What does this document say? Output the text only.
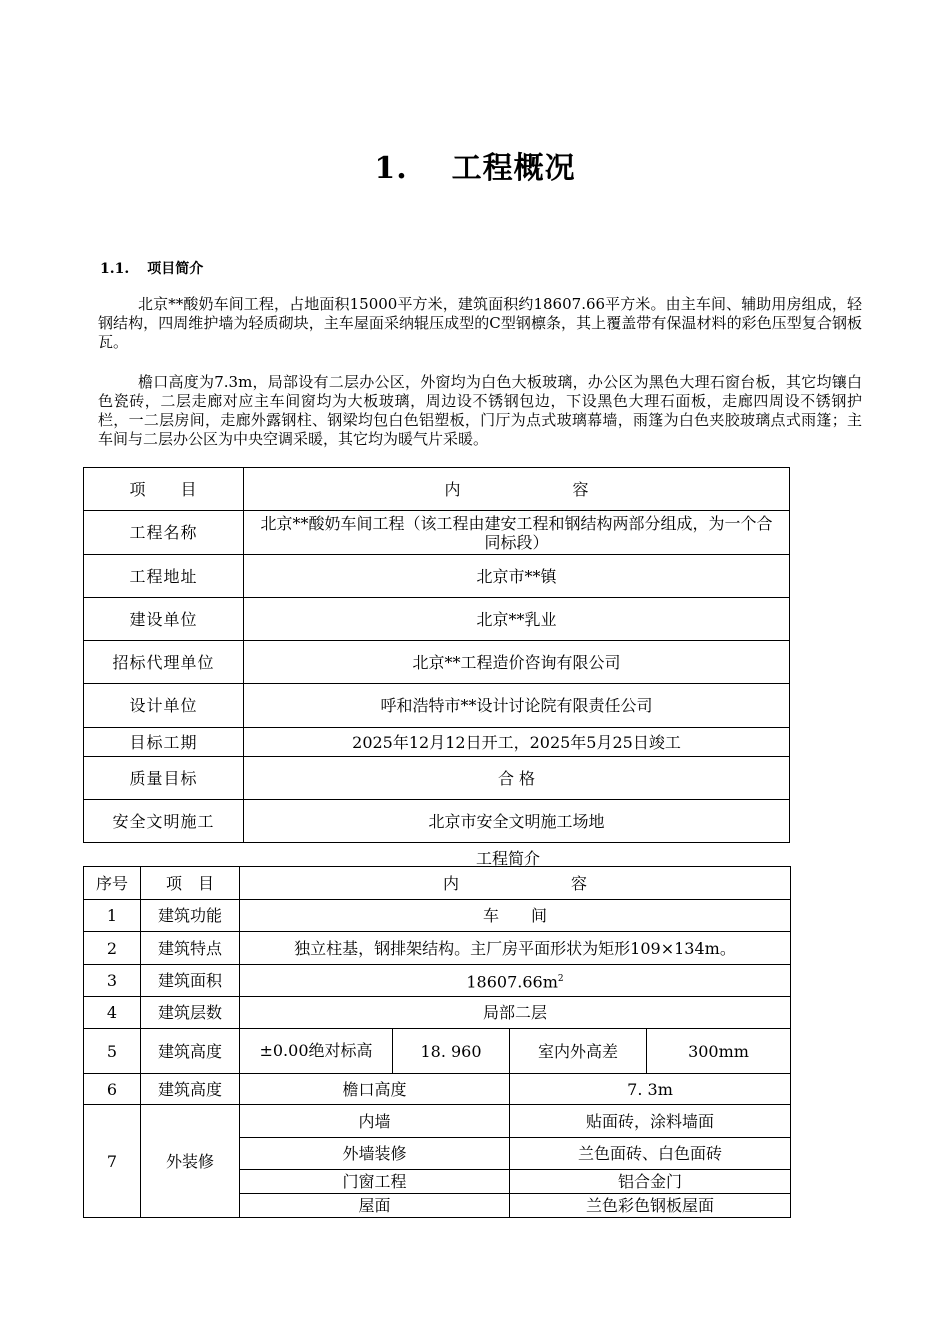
1. 工程概况
1.1. 项目简介

北京**酸奶车间工程，占地面积15000平方米，建筑面积约18607.66平方米。由主车间、辅助用房组成，轻钢结构，四周维护墙为轻质砌块，主车屋面采纳辊压成型的C型钢檩条，其上覆盖带有保温材料的彩色压型复合钢板瓦。

檐口高度为7.3m，局部设有二层办公区，外窗均为白色大板玻璃，办公区为黑色大理石窗台板，其它均镶白色瓷砖，二层走廊对应主车间窗均为大板玻璃，周边设不锈钢包边，下设黑色大理石面板，走廊四周设不锈钢护栏，一二层房间，走廊外露钢柱、钢梁均包白色铝塑板，门厅为点式玻璃幕墙，雨篷为白色夹胶玻璃点式雨篷；主车间与二层办公区为中央空调采暖，其它均为暖气片采暖。

项　　目	内　　　　　　　容
工程名称	北京**酸奶车间工程（该工程由建安工程和钢结构两部分组成，为一个合同标段）
工程地址	北京市**镇
建设单位	北京**乳业
招标代理单位	北京**工程造价咨询有限公司
设计单位	呼和浩特市**设计讨论院有限责任公司
目标工期	2025年12月12日开工，2025年5月25日竣工
质量目标	合 格
安全文明施工	北京市安全文明施工场地
工程简介
序号	项　目	内　　　　　　　容			
1	建筑功能	车　　间			
2	建筑特点	独立柱基，钢排架结构。主厂房平面形状为矩形109×134m。			
3	建筑面积	$18607.66m^2$
4	建筑层数	局部二层			
5	建筑高度	±0.00绝对标高	18. 960	室内外高差	300mm
6	建筑高度	檐口高度		7. 3m	
7	外装修	内墙		贴面砖，涂料墙面	
		外墙装修		兰色面砖、白色面砖	
		门窗工程		铝合金门	
		屋面		兰色彩色钢板屋面	
